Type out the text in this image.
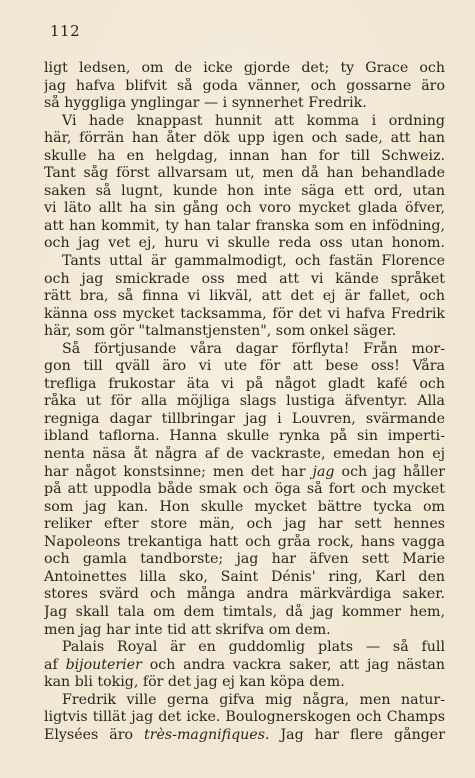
112
ligt ledsen, om de icke gjorde det; ty Grace och
jag hafva blifvit så goda vänner, och gossarne äro
så hyggliga ynglingar — i synnerhet Fredrik.
Vi hade knappast hunnit att komma i ordning
här, förrän han åter dök upp igen och sade, att han
skulle ha en helgdag, innan han for till Schweiz.
Tant såg först allvarsam ut, men då han behandlade
saken så lugnt, kunde hon inte säga ett ord, utan
vi läto allt ha sin gång och voro mycket glada öfver,
att han kommit, ty han talar franska som en infödning,
och jag vet ej, huru vi skulle reda oss utan honom.
Tants uttal är gammalmodigt, och fastän Florence
och jag smickrade oss med att vi kände språket
rätt bra, så finna vi likväl, att det ej är fallet, och
känna oss mycket tacksamma, för det vi hafva Fredrik
här, som gör "talmanstjensten", som onkel säger.
Så förtjusande våra dagar förflyta! Från mor-
gon till qväll äro vi ute för att bese oss! Våra
trefliga frukostar äta vi på något gladt kafé och
råka ut för alla möjliga slags lustiga äfventyr. Alla
regniga dagar tillbringar jag i Louvren, svärmande
ibland taflorna. Hanna skulle rynka på sin imperti-
nenta näsa åt några af de vackraste, emedan hon ej
har något konstsinne; men det har jag och jag håller
på att uppodla både smak och öga så fort och mycket
som jag kan. Hon skulle mycket bättre tycka om
reliker efter store män, och jag har sett hennes
Napoleons trekantiga hatt och gråa rock, hans vagga
och gamla tandborste; jag har äfven sett Marie
Antoinettes lilla sko, Saint Dénis' ring, Karl den
stores svärd och många andra märkvärdiga saker.
Jag skall tala om dem timtals, då jag kommer hem,
men jag har inte tid att skrifva om dem.
Palais Royal är en guddomlig plats — så full
af bijouterier och andra vackra saker, att jag nästan
kan bli tokig, för det jag ej kan köpa dem.
Fredrik ville gerna gifva mig några, men natur-
ligtvis tillät jag det icke. Boulognerskogen och Champs
Elysées äro très-magnifiques. Jag har flere gånger
